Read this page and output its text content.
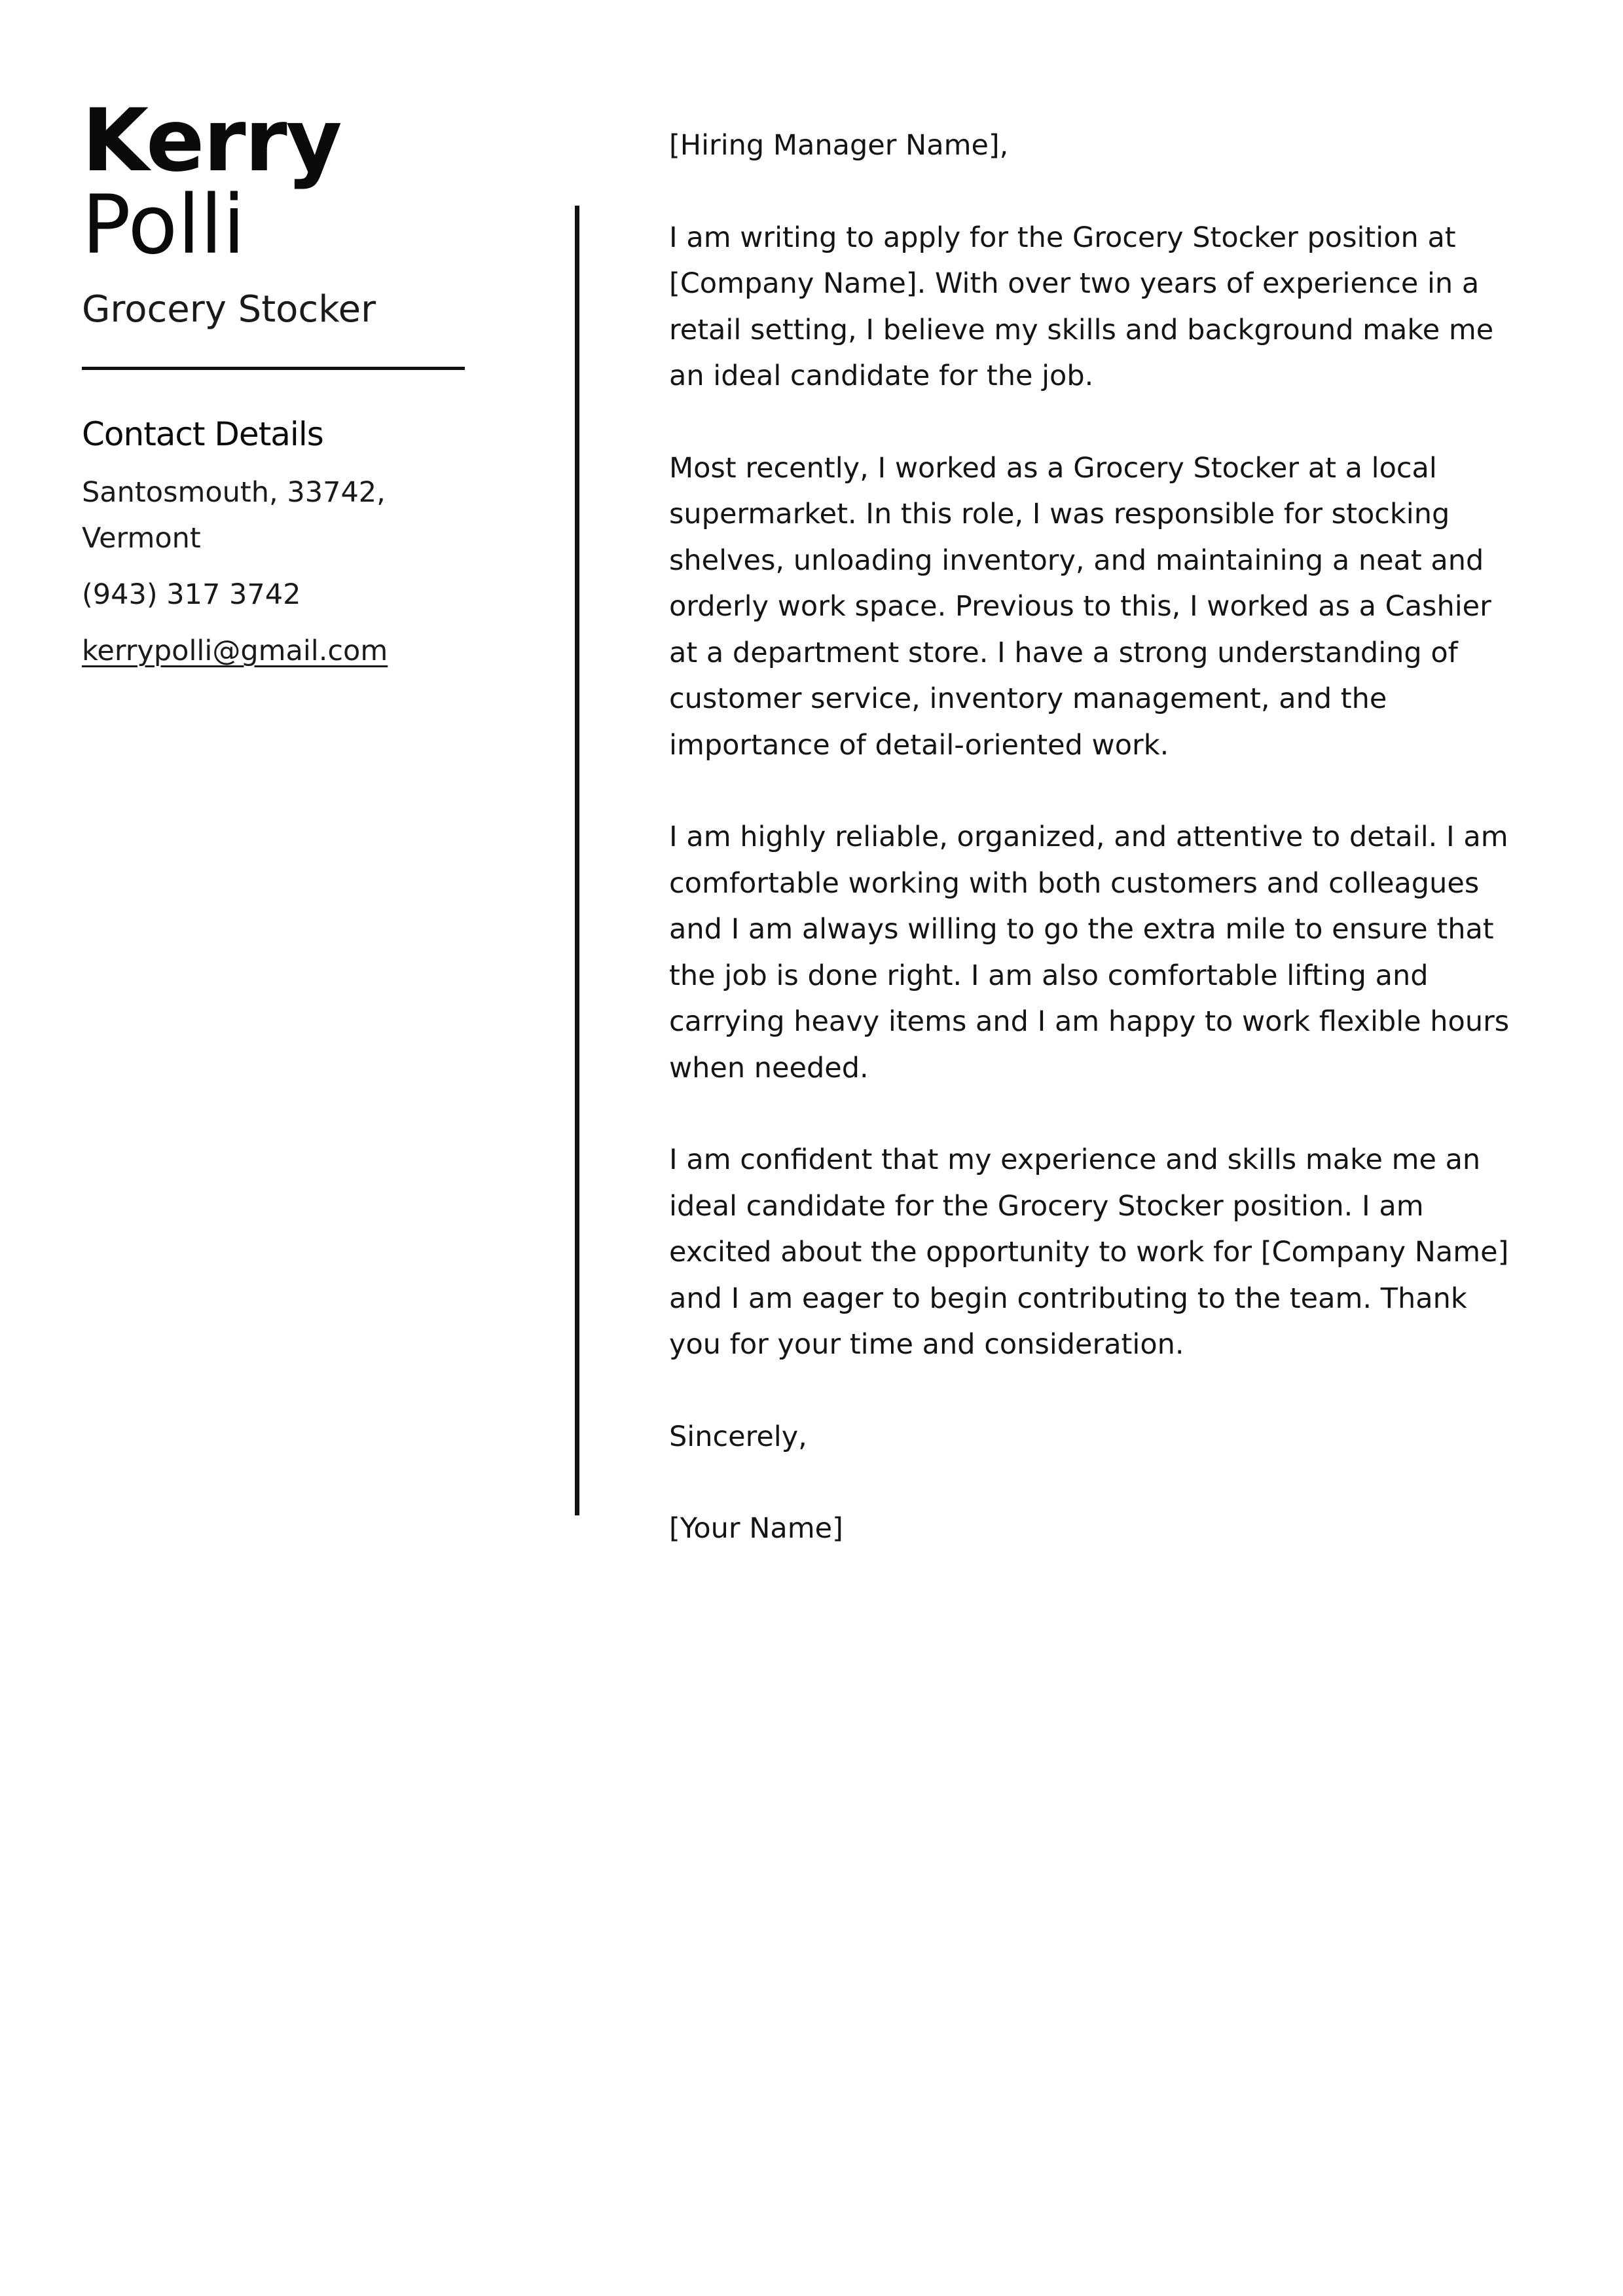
Kerry
Polli
Grocery Stocker
Contact Details
Santosmouth, 33742, Vermont
(943) 317 3742
kerrypolli@gmail.com

[Hiring Manager Name],

I am writing to apply for the Grocery Stocker position at [Company Name]. With over two years of experience in a retail setting, I believe my skills and background make me an ideal candidate for the job.

Most recently, I worked as a Grocery Stocker at a local supermarket. In this role, I was responsible for stocking shelves, unloading inventory, and maintaining a neat and orderly work space. Previous to this, I worked as a Cashier at a department store. I have a strong understanding of customer service, inventory management, and the importance of detail-oriented work.

I am highly reliable, organized, and attentive to detail. I am comfortable working with both customers and colleagues and I am always willing to go the extra mile to ensure that the job is done right. I am also comfortable lifting and carrying heavy items and I am happy to work flexible hours when needed.

I am confident that my experience and skills make me an ideal candidate for the Grocery Stocker position. I am excited about the opportunity to work for [Company Name] and I am eager to begin contributing to the team. Thank you for your time and consideration.

Sincerely,

[Your Name]
